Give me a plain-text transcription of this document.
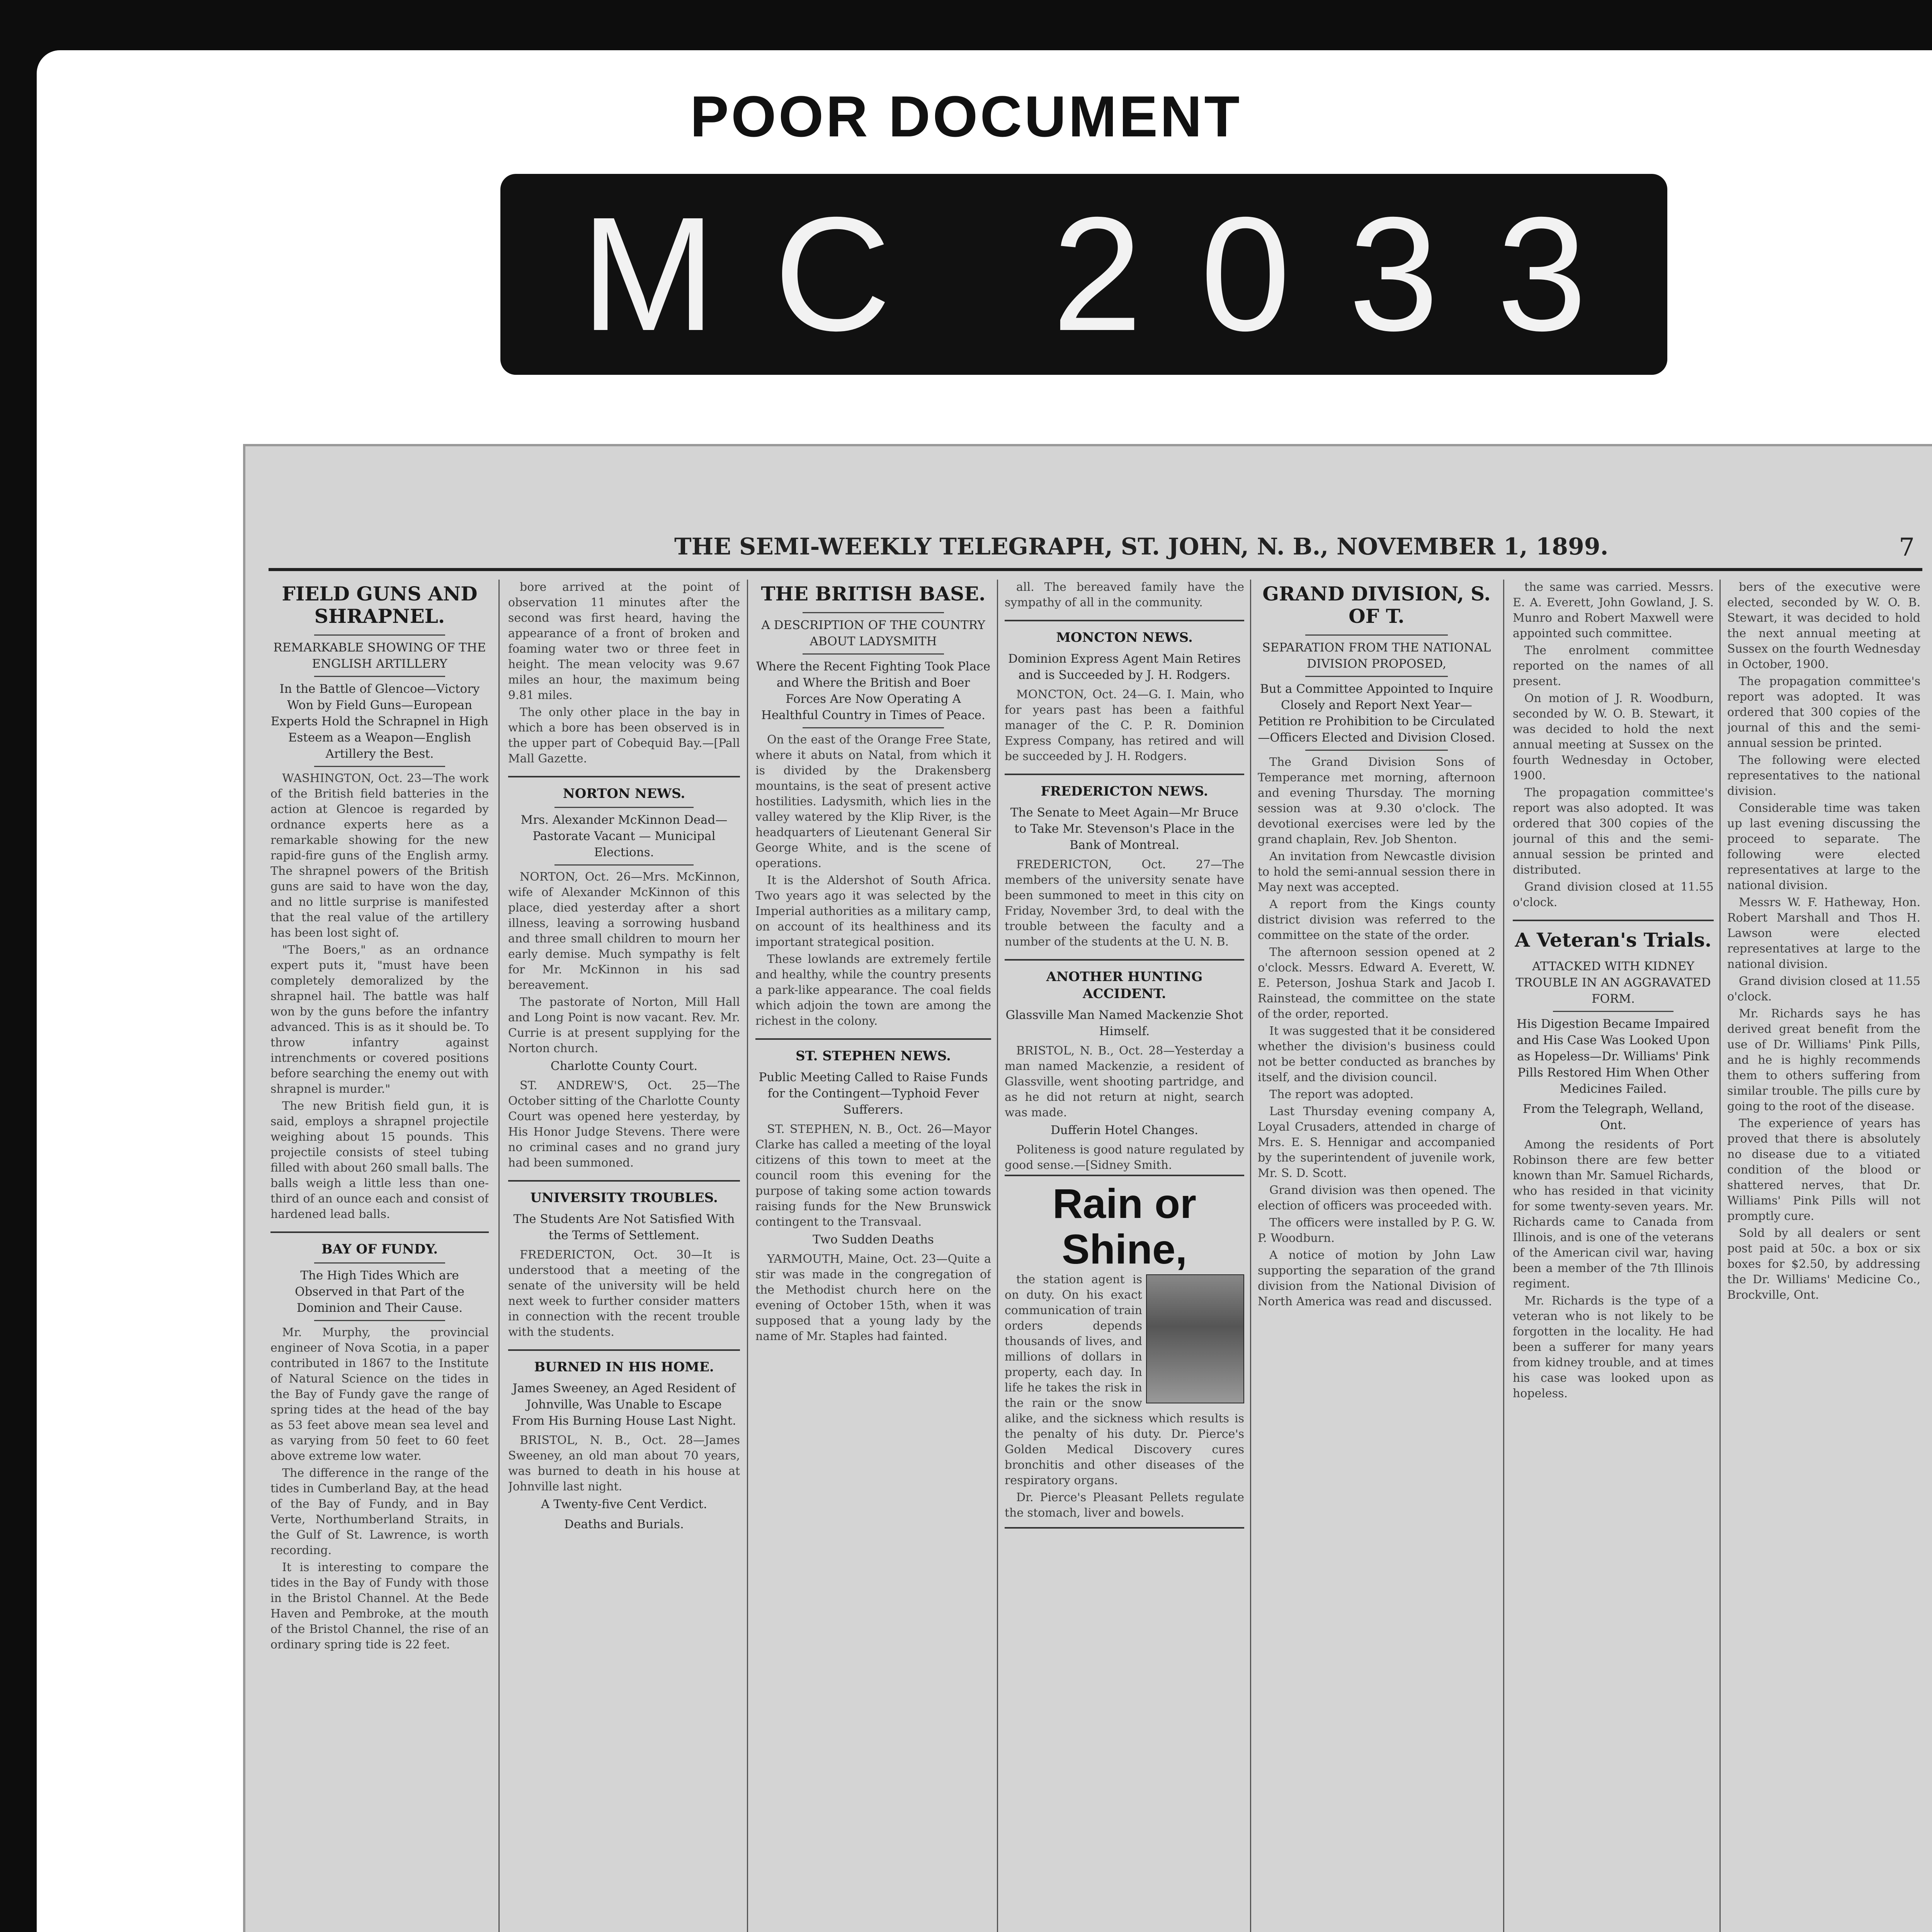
POOR DOCUMENT
MC 2033
THE SEMI-WEEKLY TELEGRAPH, ST. JOHN, N. B., NOVEMBER 1, 1899.	7
FIELD GUNS AND SHRAPNEL.
REMARKABLE SHOWING OF THE ENGLISH ARTILLERY
In the Battle of Glencoe—Victory Won by Field Guns—European Experts Hold the Schrapnel in High Esteem as a Weapon—English Artillery the Best.

WASHINGTON, Oct. 23—The work of the British field batteries in the action at Glencoe is regarded by ordnance experts here as a remarkable showing for the new rapid-fire guns of the English army. The shrapnel powers of the British guns are said to have won the day, and no little surprise is manifested that the real value of the artillery has been lost sight of.

"The Boers," as an ordnance expert puts it, "must have been completely demoralized by the shrapnel hail. The battle was half won by the guns before the infantry advanced. This is as it should be. To throw infantry against intrenchments or covered positions before searching the enemy out with shrapnel is murder."

The new British field gun, it is said, employs a shrapnel projectile weighing about 15 pounds. This projectile consists of steel tubing filled with about 260 small balls. The balls weigh a little less than one-third of an ounce each and consist of hardened lead balls.

BAY OF FUNDY.
The High Tides Which are Observed in that Part of the Dominion and Their Cause.

Mr. Murphy, the provincial engineer of Nova Scotia, in a paper contributed in 1867 to the Institute of Natural Science on the tides in the Bay of Fundy gave the range of spring tides at the head of the bay as 53 feet above mean sea level and as varying from 50 feet to 60 feet above extreme low water.

The difference in the range of the tides in Cumberland Bay, at the head of the Bay of Fundy, and in Bay Verte, Northumberland Straits, in the Gulf of St. Lawrence, is worth recording.

It is interesting to compare the tides in the Bay of Fundy with those in the Bristol Channel. At the Bede Haven and Pembroke, at the mouth of the Bristol Channel, the rise of an ordinary spring tide is 22 feet.

bore arrived at the point of observation 11 minutes after the second was first heard, having the appearance of a front of broken and foaming water two or three feet in height. The mean velocity was 9.67 miles an hour, the maximum being 9.81 miles.

The only other place in the bay in which a bore has been observed is in the upper part of Cobequid Bay.—[Pall Mall Gazette.

NORTON NEWS.
Mrs. Alexander McKinnon Dead—Pastorate Vacant — Municipal Elections.

NORTON, Oct. 26—Mrs. McKinnon, wife of Alexander McKinnon of this place, died yesterday after a short illness, leaving a sorrowing husband and three small children to mourn her early demise. Much sympathy is felt for Mr. McKinnon in his sad bereavement.

The pastorate of Norton, Mill Hall and Long Point is now vacant. Rev. Mr. Currie is at present supplying for the Norton church.

Charlotte County Court.

ST. ANDREW'S, Oct. 25—The October sitting of the Charlotte County Court was opened here yesterday, by His Honor Judge Stevens. There were no criminal cases and no grand jury had been summoned.

UNIVERSITY TROUBLES.
The Students Are Not Satisfied With the Terms of Settlement.

FREDERICTON, Oct. 30—It is understood that a meeting of the senate of the university will be held next week to further consider matters in connection with the recent trouble with the students.

BURNED IN HIS HOME.
James Sweeney, an Aged Resident of Johnville, Was Unable to Escape From His Burning House Last Night.

BRISTOL, N. B., Oct. 28—James Sweeney, an old man about 70 years, was burned to death in his house at Johnville last night.

A Twenty-five Cent Verdict.
Deaths and Burials.
THE BRITISH BASE.
A DESCRIPTION OF THE COUNTRY ABOUT LADYSMITH
Where the Recent Fighting Took Place and Where the British and Boer Forces Are Now Operating A Healthful Country in Times of Peace.

On the east of the Orange Free State, where it abuts on Natal, from which it is divided by the Drakensberg mountains, is the seat of present active hostilities. Ladysmith, which lies in the valley watered by the Klip River, is the headquarters of Lieutenant General Sir George White, and is the scene of operations.

It is the Aldershot of South Africa. Two years ago it was selected by the Imperial authorities as a military camp, on account of its healthiness and its important strategical position.

These lowlands are extremely fertile and healthy, while the country presents a park-like appearance. The coal fields which adjoin the town are among the richest in the colony.

ST. STEPHEN NEWS.
Public Meeting Called to Raise Funds for the Contingent—Typhoid Fever Sufferers.

ST. STEPHEN, N. B., Oct. 26—Mayor Clarke has called a meeting of the loyal citizens of this town to meet at the council room this evening for the purpose of taking some action towards raising funds for the New Brunswick contingent to the Transvaal.

Two Sudden Deaths

YARMOUTH, Maine, Oct. 23—Quite a stir was made in the congregation of the Methodist church here on the evening of October 15th, when it was supposed that a young lady by the name of Mr. Staples had fainted.

all. The bereaved family have the sympathy of all in the community.

MONCTON NEWS.
Dominion Express Agent Main Retires and is Succeeded by J. H. Rodgers.

MONCTON, Oct. 24—G. I. Main, who for years past has been a faithful manager of the C. P. R. Dominion Express Company, has retired and will be succeeded by J. H. Rodgers.

FREDERICTON NEWS.
The Senate to Meet Again—Mr Bruce to Take Mr. Stevenson's Place in the Bank of Montreal.

FREDERICTON, Oct. 27—The members of the university senate have been summoned to meet in this city on Friday, November 3rd, to deal with the trouble between the faculty and a number of the students at the U. N. B.

ANOTHER HUNTING ACCIDENT.
Glassville Man Named Mackenzie Shot Himself.

BRISTOL, N. B., Oct. 28—Yesterday a man named Mackenzie, a resident of Glassville, went shooting partridge, and as he did not return at night, search was made.

Dufferin Hotel Changes.

Politeness is good nature regulated by good sense.—[Sidney Smith.

Rain or Shine,

the station agent is on duty. On his exact communication of train orders depends thousands of lives, and millions of dollars in property, each day. In life he takes the risk in the rain or the snow alike, and the sickness which results is the penalty of his duty. Dr. Pierce's Golden Medical Discovery cures bronchitis and other diseases of the respiratory organs.

Dr. Pierce's Pleasant Pellets regulate the stomach, liver and bowels.

GRAND DIVISION, S. OF T.
SEPARATION FROM THE NATIONAL DIVISION PROPOSED,
But a Committee Appointed to Inquire Closely and Report Next Year—Petition re Prohibition to be Circulated—Officers Elected and Division Closed.

The Grand Division Sons of Temperance met morning, afternoon and evening Thursday. The morning session was at 9.30 o'clock. The devotional exercises were led by the grand chaplain, Rev. Job Shenton.

An invitation from Newcastle division to hold the semi-annual session there in May next was accepted.

A report from the Kings county district division was referred to the committee on the state of the order.

The afternoon session opened at 2 o'clock. Messrs. Edward A. Everett, W. E. Peterson, Joshua Stark and Jacob I. Rainstead, the committee on the state of the order, reported.

It was suggested that it be considered whether the division's business could not be better conducted as branches by itself, and the division council.

The report was adopted.

Last Thursday evening company A, Loyal Crusaders, attended in charge of Mrs. E. S. Hennigar and accompanied by the superintendent of juvenile work, Mr. S. D. Scott.

Grand division was then opened. The election of officers was proceeded with.

The officers were installed by P. G. W. P. Woodburn.

A notice of motion by John Law supporting the separation of the grand division from the National Division of North America was read and discussed.

the same was carried. Messrs. E. A. Everett, John Gowland, J. S. Munro and Robert Maxwell were appointed such committee.

The enrolment committee reported on the names of all present.

On motion of J. R. Woodburn, seconded by W. O. B. Stewart, it was decided to hold the next annual meeting at Sussex on the fourth Wednesday in October, 1900.

The propagation committee's report was also adopted. It was ordered that 300 copies of the journal of this and the semi-annual session be printed and distributed.

Grand division closed at 11.55 o'clock.

A Veteran's Trials.
ATTACKED WITH KIDNEY TROUBLE IN AN AGGRAVATED FORM.
His Digestion Became Impaired and His Case Was Looked Upon as Hopeless—Dr. Williams' Pink Pills Restored Him When Other Medicines Failed.
From the Telegraph, Welland, Ont.

Among the residents of Port Robinson there are few better known than Mr. Samuel Richards, who has resided in that vicinity for some twenty-seven years. Mr. Richards came to Canada from Illinois, and is one of the veterans of the American civil war, having been a member of the 7th Illinois regiment.

Mr. Richards is the type of a veteran who is not likely to be forgotten in the locality. He had been a sufferer for many years from kidney trouble, and at times his case was looked upon as hopeless.

bers of the executive were elected, seconded by W. O. B. Stewart, it was decided to hold the next annual meeting at Sussex on the fourth Wednesday in October, 1900.

The propagation committee's report was adopted. It was ordered that 300 copies of the journal of this and the semi-annual session be printed.

The following were elected representatives to the national division.

Considerable time was taken up last evening discussing the proceed to separate. The following were elected representatives at large to the national division.

Messrs W. F. Hatheway, Hon. Robert Marshall and Thos H. Lawson were elected representatives at large to the national division.

Grand division closed at 11.55 o'clock.

Mr. Richards says he has derived great benefit from the use of Dr. Williams' Pink Pills, and he is highly recommends them to others suffering from similar trouble. The pills cure by going to the root of the disease.

The experience of years has proved that there is absolutely no disease due to a vitiated condition of the blood or shattered nerves, that Dr. Williams' Pink Pills will not promptly cure.

Sold by all dealers or sent post paid at 50c. a box or six boxes for $2.50, by addressing the Dr. Williams' Medicine Co., Brockville, Ont.
